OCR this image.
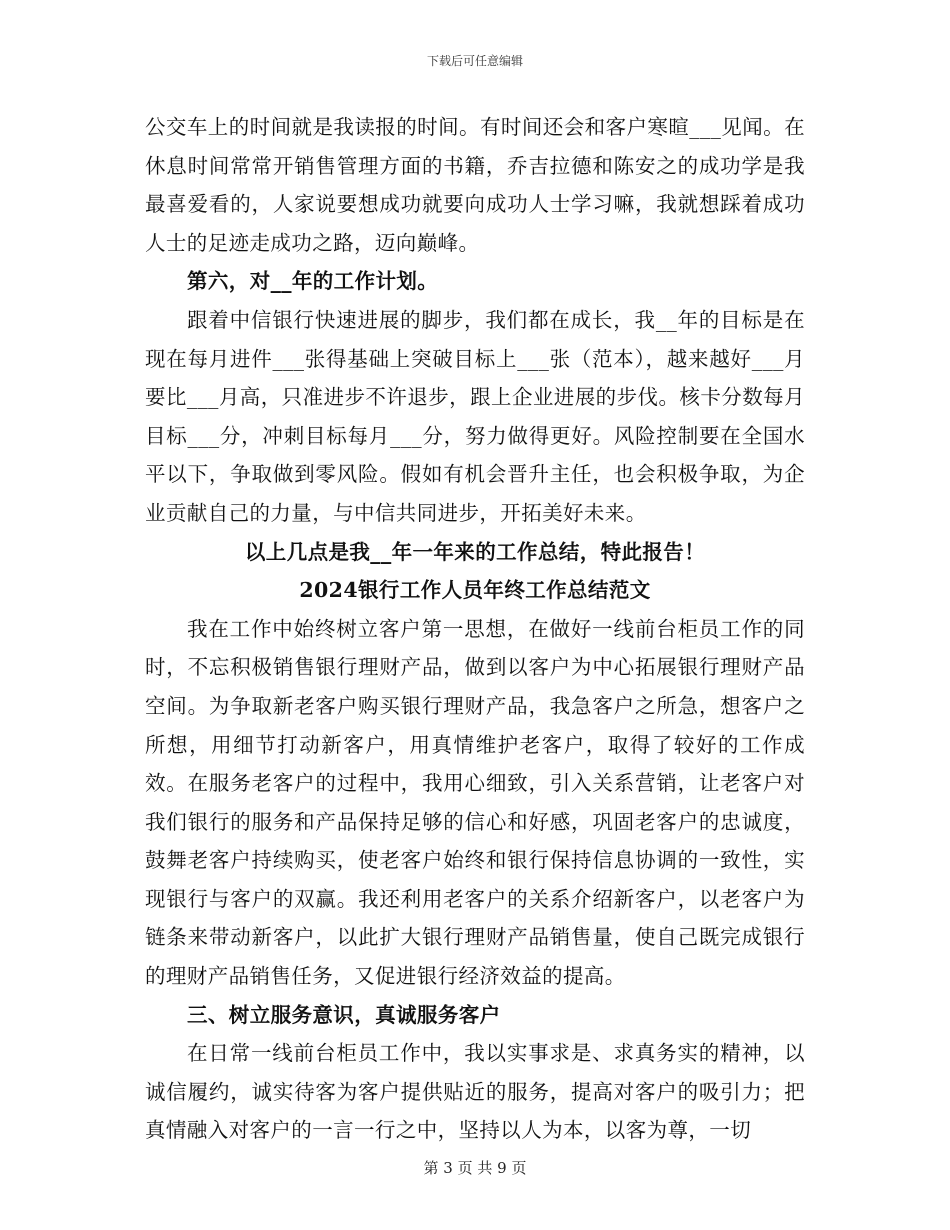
下载后可任意编辑

公交车上的时间就是我读报的时间。有时间还会和客户寒暄___见闻。在休息时间常常开销售管理方面的书籍，乔吉拉德和陈安之的成功学是我最喜爱看的，人家说要想成功就要向成功人士学习嘛，我就想踩着成功人士的足迹走成功之路，迈向巅峰。

第六，对__年的工作计划。

跟着中信银行快速进展的脚步，我们都在成长，我__年的目标是在现在每月进件___张得基础上突破目标上___张（范本），越来越好___月要比___月高，只准进步不许退步，跟上企业进展的步伐。核卡分数每月目标___分，冲刺目标每月___分，努力做得更好。风险控制要在全国水平以下，争取做到零风险。假如有机会晋升主任，也会积极争取，为企业贡献自己的力量，与中信共同进步，开拓美好未来。

以上几点是我__年一年来的工作总结，特此报告！

2024银行工作人员年终工作总结范文

我在工作中始终树立客户第一思想，在做好一线前台柜员工作的同时，不忘积极销售银行理财产品，做到以客户为中心拓展银行理财产品空间。为争取新老客户购买银行理财产品，我急客户之所急，想客户之所想，用细节打动新客户，用真情维护老客户，取得了较好的工作成效。在服务老客户的过程中，我用心细致，引入关系营销，让老客户对我们银行的服务和产品保持足够的信心和好感，巩固老客户的忠诚度，鼓舞老客户持续购买，使老客户始终和银行保持信息协调的一致性，实现银行与客户的双赢。我还利用老客户的关系介绍新客户，以老客户为链条来带动新客户，以此扩大银行理财产品销售量，使自己既完成银行的理财产品销售任务，又促进银行经济效益的提高。

三、树立服务意识，真诚服务客户

在日常一线前台柜员工作中，我以实事求是、求真务实的精神，以诚信履约，诚实待客为客户提供贴近的服务，提高对客户的吸引力；把真情融入对客户的一言一行之中，坚持以人为本，以客为尊，一切

第 3 页 共 9 页
